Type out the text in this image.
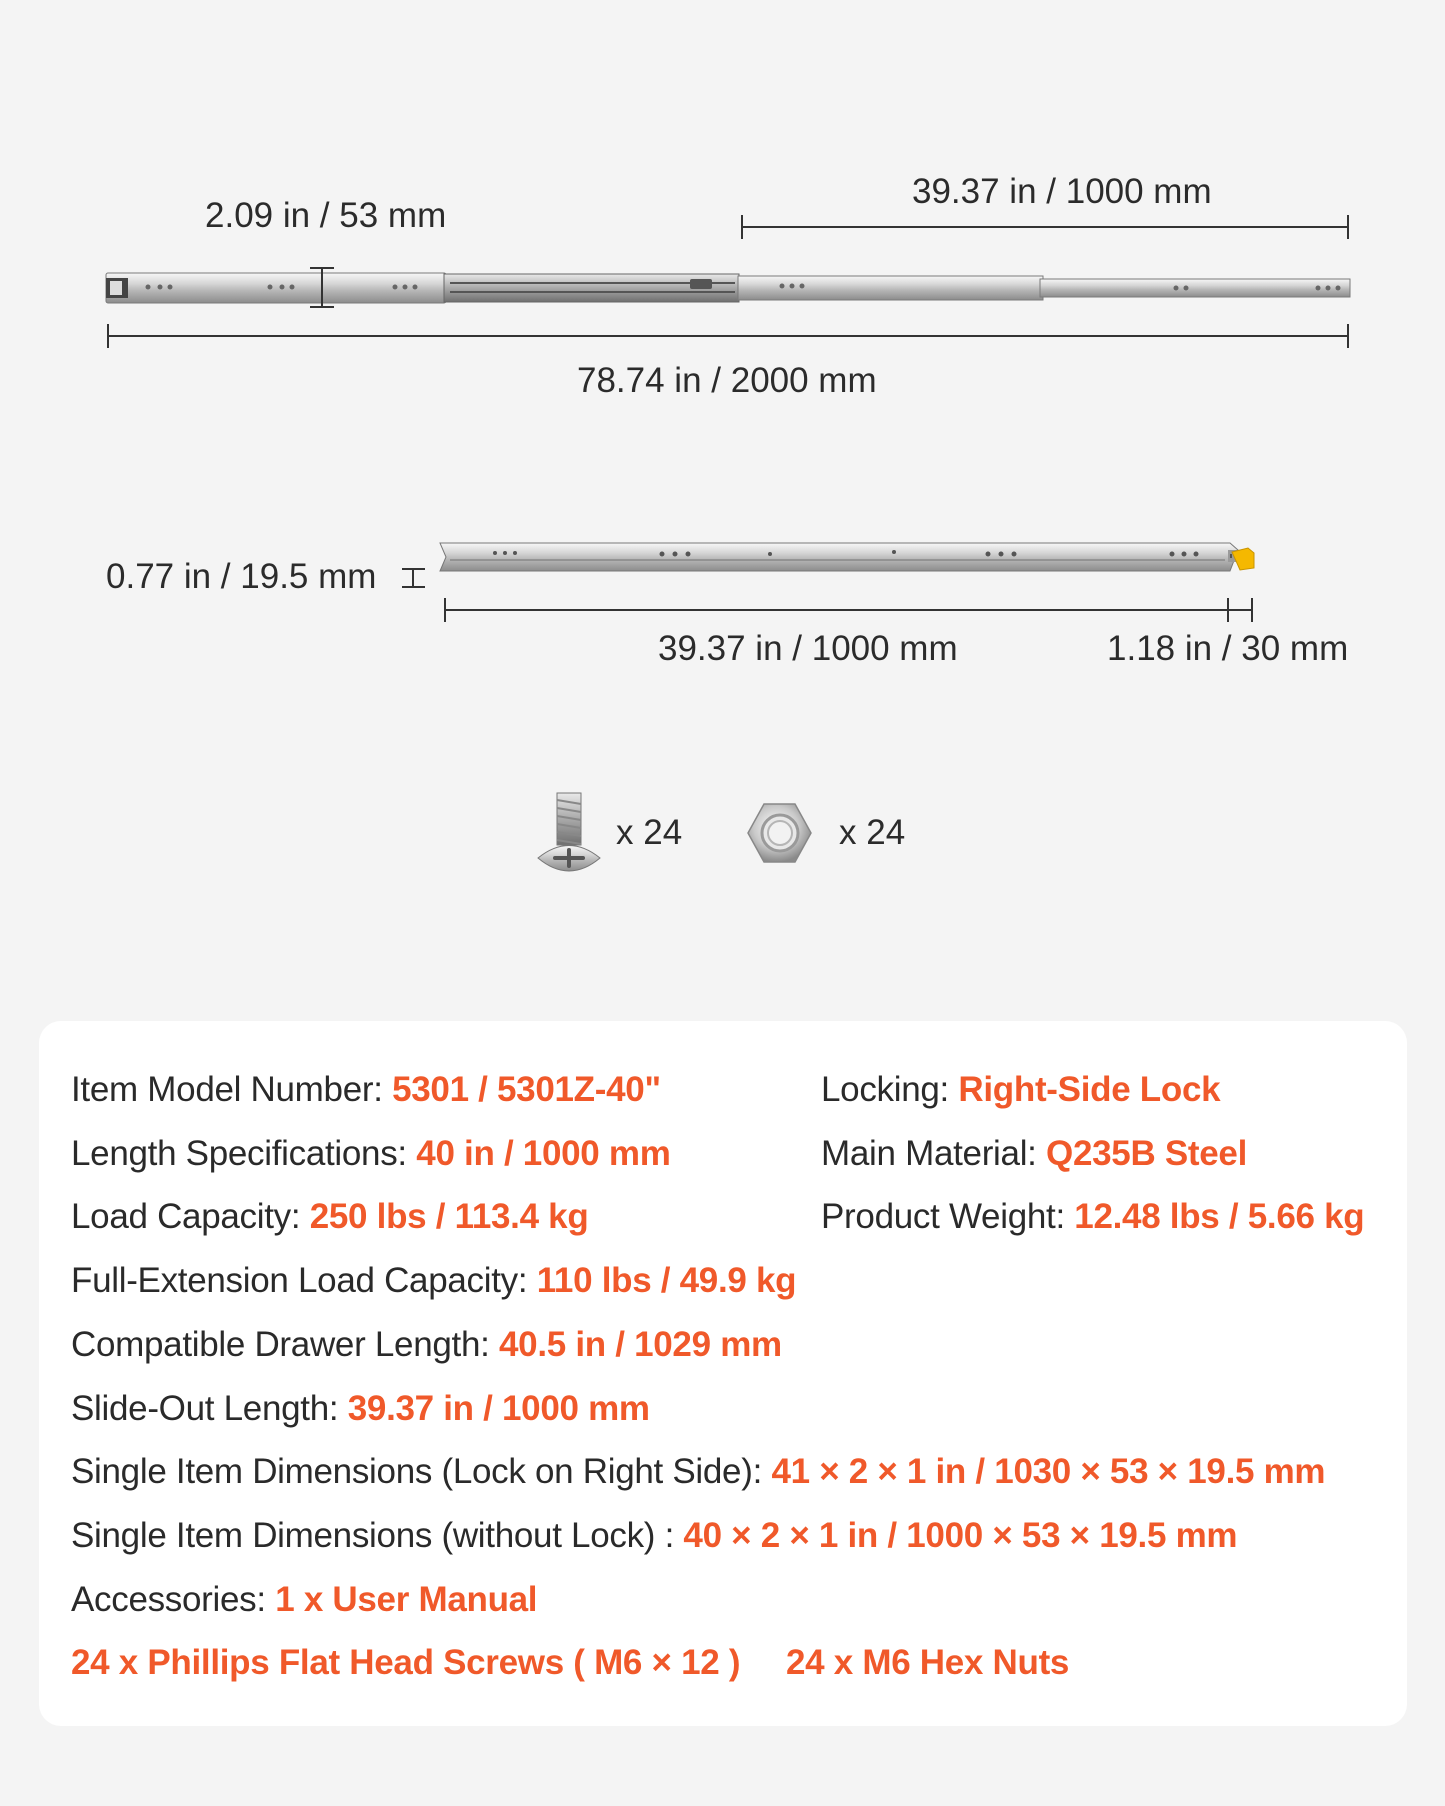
2.09 in / 53 mm
39.37 in / 1000 mm
78.74 in / 2000 mm
0.77 in / 19.5 mm
39.37 in / 1000 mm	1.18 in / 30 mm
x 24	x 24
Item Model Number: 5301 / 5301Z-40"
Length Specifications: 40 in / 1000 mm
Load Capacity: 250 lbs / 113.4 kg
Full-Extension Load Capacity: 110 lbs / 49.9 kg
Compatible Drawer Length: 40.5 in / 1029 mm
Slide-Out Length: 39.37 in / 1000 mm
Single Item Dimensions (Lock on Right Side): 41 × 2 × 1 in / 1030 × 53 × 19.5 mm
Single Item Dimensions (without Lock) : 40 × 2 × 1 in / 1000 × 53 × 19.5 mm
Accessories: 1 x User Manual
24 x Phillips Flat Head Screws ( M6 × 12 ) 24 x M6 Hex Nuts
Locking: Right-Side Lock
Main Material: Q235B Steel
Product Weight: 12.48 lbs / 5.66 kg
